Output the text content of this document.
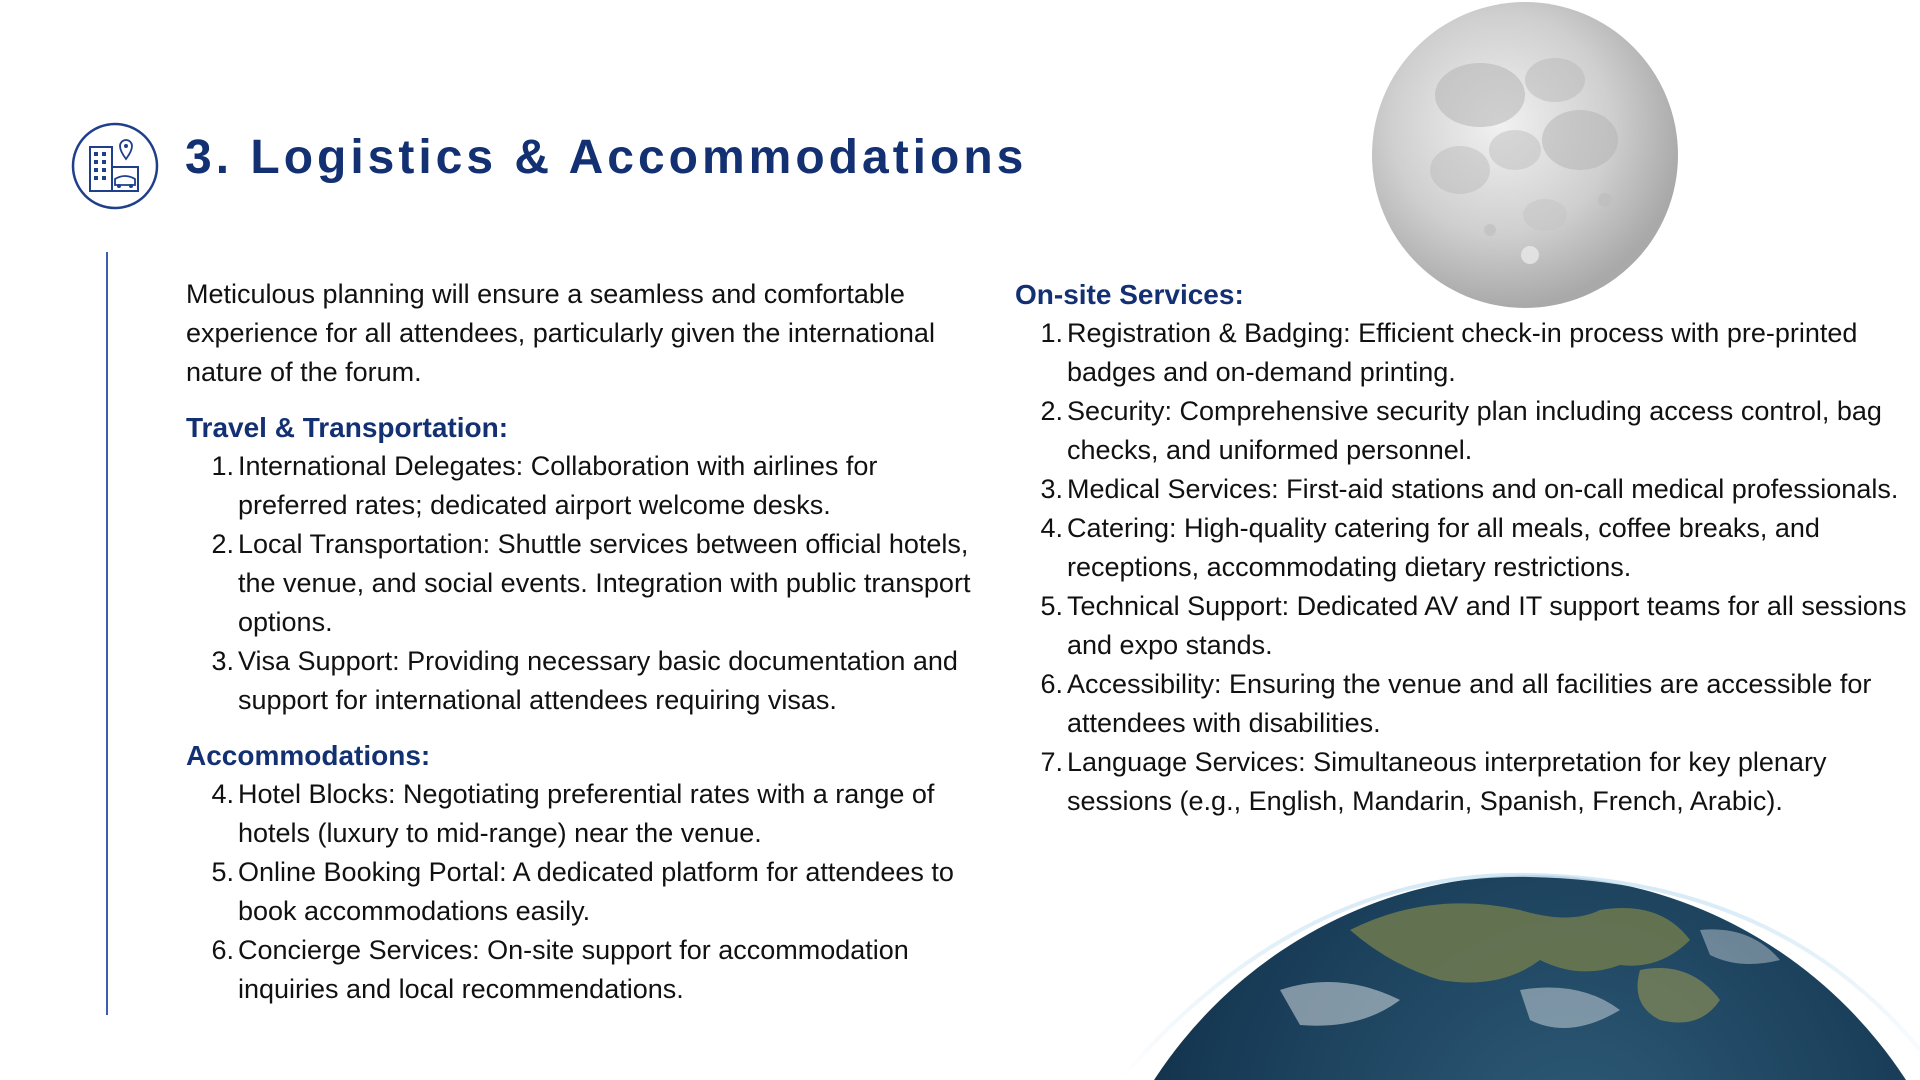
3. Logistics & Accommodations

Meticulous planning will ensure a seamless and comfortable experience for all attendees, particularly given the international nature of the forum.

Travel & Transportation:
1. International Delegates: Collaboration with airlines for preferred rates; dedicated airport welcome desks.
2. Local Transportation: Shuttle services between official hotels, the venue, and social events. Integration with public transport options.
3. Visa Support: Providing necessary basic documentation and support for international attendees requiring visas.
Accommodations:
4. Hotel Blocks: Negotiating preferential rates with a range of hotels (luxury to mid-range) near the venue.
5. Online Booking Portal: A dedicated platform for attendees to book accommodations easily.
6. Concierge Services: On-site support for accommodation inquiries and local recommendations.
On-site Services:
1. Registration & Badging: Efficient check-in process with pre-printed badges and on-demand printing.
2. Security: Comprehensive security plan including access control, bag checks, and uniformed personnel.
3. Medical Services: First-aid stations and on-call medical professionals.
4. Catering: High-quality catering for all meals, coffee breaks, and receptions, accommodating dietary restrictions.
5. Technical Support: Dedicated AV and IT support teams for all sessions and expo stands.
6. Accessibility: Ensuring the venue and all facilities are accessible for attendees with disabilities.
7. Language Services: Simultaneous interpretation for key plenary sessions (e.g., English, Mandarin, Spanish, French, Arabic).
